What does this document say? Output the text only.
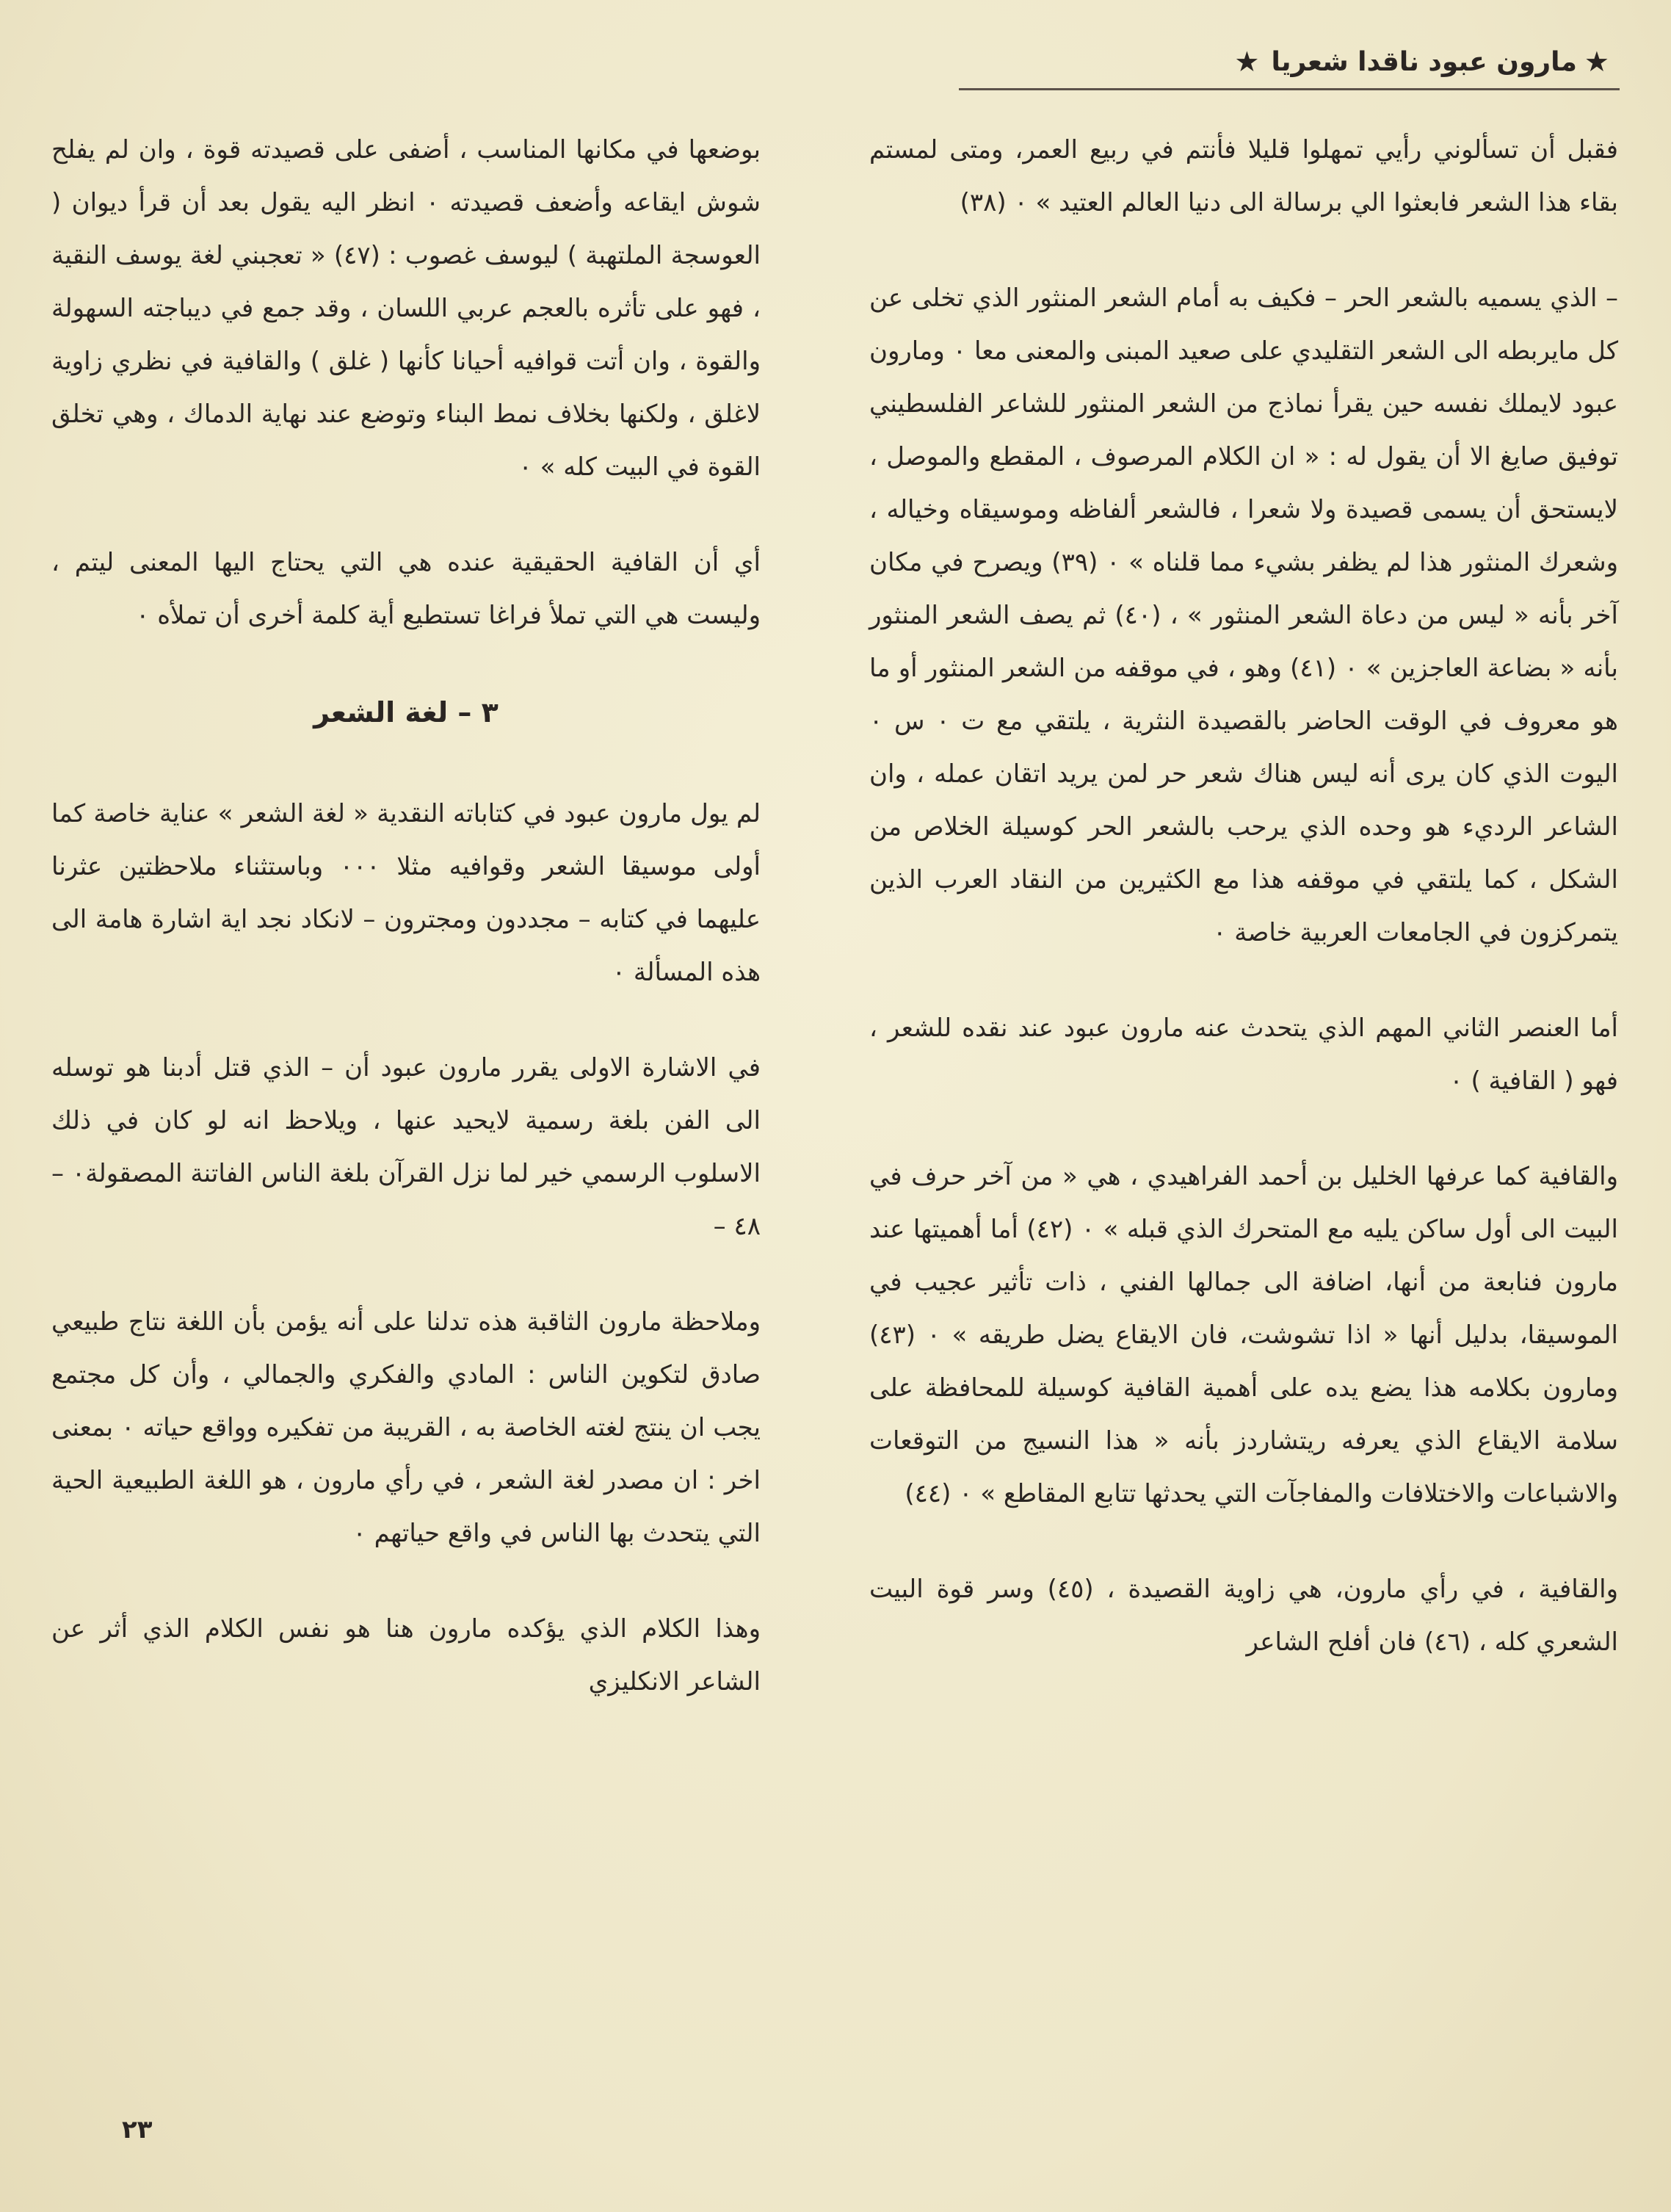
★
مارون عبود ناقدا شعريا
★

فقبل أن تسألوني رأيي تمهلوا قليلا فأنتم في ربيع العمر، ومتى لمستم بقاء هذا الشعر فابعثوا الي برسالة الى دنيا العالم العتيد » ٠ (٣٨)

– الذي يسميه بالشعر الحر – فكيف به أمام الشعر المنثور الذي تخلى عن كل مايربطه الى الشعر التقليدي على صعيد المبنى والمعنى معا ٠ ومارون عبود لايملك نفسه حين يقرأ نماذج من الشعر المنثور للشاعر الفلسطيني توفيق صايغ الا أن يقول له : « ان الكلام المرصوف ، المقطع والموصل ، لايستحق أن يسمى قصيدة ولا شعرا ، فالشعر ألفاظه وموسيقاه وخياله ، وشعرك المنثور هذا لم يظفر بشيء مما قلناه » ٠ (٣٩) ويصرح في مكان آخر بأنه « ليس من دعاة الشعر المنثور » ، (٤٠) ثم يصف الشعر المنثور بأنه « بضاعة العاجزين » ٠ (٤١) وهو ، في موقفه من الشعر المنثور أو ما هو معروف في الوقت الحاضر بالقصيدة النثرية ، يلتقي مع ت ٠ س ٠ اليوت الذي كان يرى أنه ليس هناك شعر حر لمن يريد اتقان عمله ، وان الشاعر الرديء هو وحده الذي يرحب بالشعر الحر كوسيلة الخلاص من الشكل ، كما يلتقي في موقفه هذا مع الكثيرين من النقاد العرب الذين يتمركزون في الجامعات العربية خاصة ٠

أما العنصر الثاني المهم الذي يتحدث عنه مارون عبود عند نقده للشعر ، فهو ( القافية ) ٠

والقافية كما عرفها الخليل بن أحمد الفراهيدي ، هي « من آخر حرف في البيت الى أول ساكن يليه مع المتحرك الذي قبله » ٠ (٤٢) أما أهميتها عند مارون فنابعة من أنها، اضافة الى جمالها الفني ، ذات تأثير عجيب في الموسيقا، بدليل أنها « اذا تشوشت، فان الايقاع يضل طريقه » ٠ (٤٣) ومارون بكلامه هذا يضع يده على أهمية القافية كوسيلة للمحافظة على سلامة الايقاع الذي يعرفه ريتشاردز بأنه « هذا النسيج من التوقعات والاشباعات والاختلافات والمفاجآت التي يحدثها تتابع المقاطع » ٠ (٤٤)

والقافية ، في رأي مارون، هي زاوية القصيدة ، (٤٥) وسر قوة البيت الشعري كله ، (٤٦) فان أفلح الشاعر

بوضعها في مكانها المناسب ، أضفى على قصيدته قوة ، وان لم يفلح شوش ايقاعه وأضعف قصيدته ٠ انظر اليه يقول بعد أن قرأ ديوان ( العوسجة الملتهبة ) ليوسف غصوب : (٤٧) « تعجبني لغة يوسف النقية ، فهو على تأثره بالعجم عربي اللسان ، وقد جمع في ديباجته السهولة والقوة ، وان أتت قوافيه أحيانا كأنها ( غلق ) والقافية في نظري زاوية لاغلق ، ولكنها بخلاف نمط البناء وتوضع عند نهاية الدماك ، وهي تخلق القوة في البيت كله » ٠

أي أن القافية الحقيقية عنده هي التي يحتاج اليها المعنى ليتم ، وليست هي التي تملأ فراغا تستطيع أية كلمة أخرى أن تملأه ٠

٣ – لغة الشعر

لم يول مارون عبود في كتاباته النقدية « لغة الشعر » عناية خاصة كما أولى موسيقا الشعر وقوافيه مثلا ٠٠٠ وباستثناء ملاحظتين عثرنا عليهما في كتابه – مجددون ومجترون – لانكاد نجد اية اشارة هامة الى هذه المسألة ٠

في الاشارة الاولى يقرر مارون عبود أن – الذي قتل أدبنا هو توسله الى الفن بلغة رسمية لايحيد عنها ، ويلاحظ انه لو كان في ذلك الاسلوب الرسمي خير لما نزل القرآن بلغة الناس الفاتنة المصقولة٠ – ٤٨ –

وملاحظة مارون الثاقبة هذه تدلنا على أنه يؤمن بأن اللغة نتاج طبيعي صادق لتكوين الناس : المادي والفكري والجمالي ، وأن كل مجتمع يجب ان ينتج لغته الخاصة به ، القريبة من تفكيره وواقع حياته ٠ بمعنى اخر : ان مصدر لغة الشعر ، في رأي مارون ، هو اللغة الطبيعية الحية التي يتحدث بها الناس في واقع حياتهم ٠

وهذا الكلام الذي يؤكده مارون هنا هو نفس الكلام الذي أثر عن الشاعر الانكليزي

٢٣
